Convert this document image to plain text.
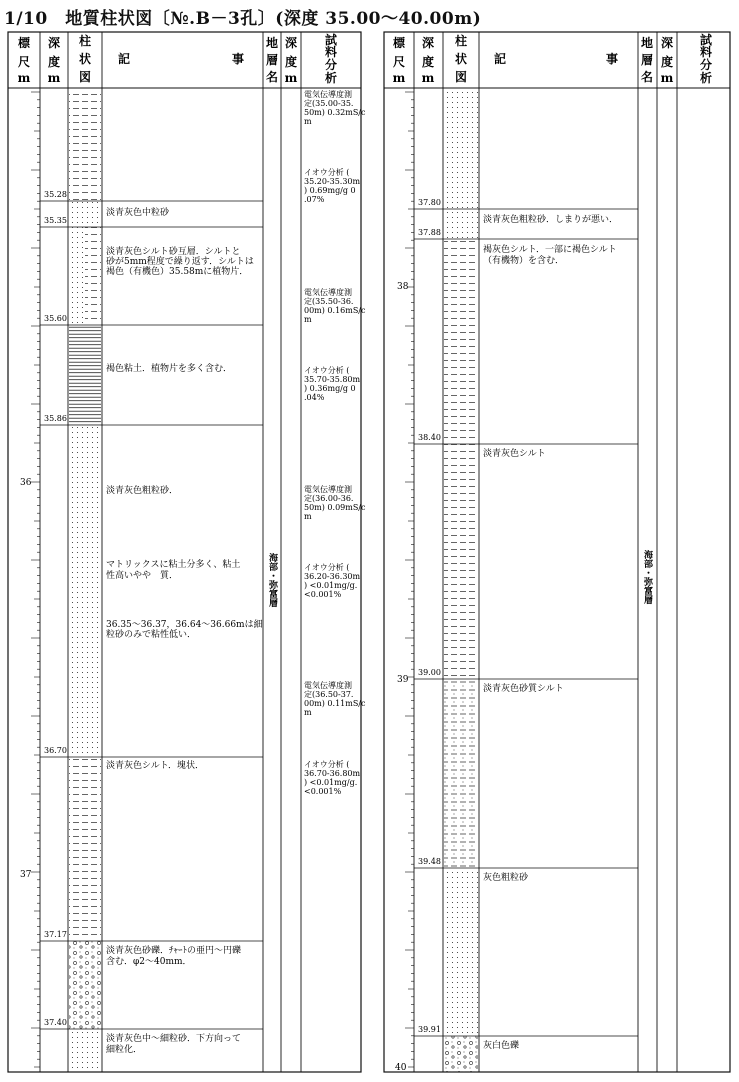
1/10　地質柱状図〔№.B－3孔〕(深度 35.00～40.00m)
標
尺
m
深
度
m
柱
状
図
記	事
地
層
名
深
度
m
試
料
分
析
35.28
35.35
35.60
35.86
36.70
37.17
37.40
36
37
淡青灰色中粒砂
淡青灰色シルト砂互層．シルトと
砂が5mm程度で繰り返す．シルトは
褐色（有機色）35.58mに植物片．
褐色粘土．植物片を多く含む．
淡青灰色粗粒砂．
マトリックスに粘土分多く、粘土
性高いやや　質．
36.35～36.37，36.64～36.66mは細
粒砂のみで粘性低い．
淡青灰色シルト．塊状．
淡青灰色砂礫．ﾁｬｰﾄの亜円～円礫
含む．φ2～40mm．
淡青灰色中～細粒砂．下方向って
細粒化．
海部・弥富層
電気伝導度測
定(35.00-35.
50m) 0.32mS/c
m
イオウ分析 (
35.20-35.30m
) 0.69mg/g 0
.07%
電気伝導度測
定(35.50-36.
00m) 0.16mS/c
m
イオウ分析 (
35.70-35.80m
) 0.36mg/g 0
.04%
電気伝導度測
定(36.00-36.
50m) 0.09mS/c
m
イオウ分析 (
36.20-36.30m
) <0.01mg/g.
<0.001%
電気伝導度測
定(36.50-37.
00m) 0.11mS/c
m
イオウ分析 (
36.70-36.80m
) <0.01mg/g.
<0.001%
標
尺
m
深
度
m
柱
状
図
記	事
地
層
名
深
度
m
試
料
分
析
37.80
37.88
38.40
39.00
39.48
39.91
38
39
40
淡青灰色粗粒砂．しまりが悪い．
褐灰色シルト．一部に褐色シルト
（有機物）を含む．
淡青灰色シルト
淡青灰色砂質シルト
灰色粗粒砂
灰白色礫
海部・弥富層
